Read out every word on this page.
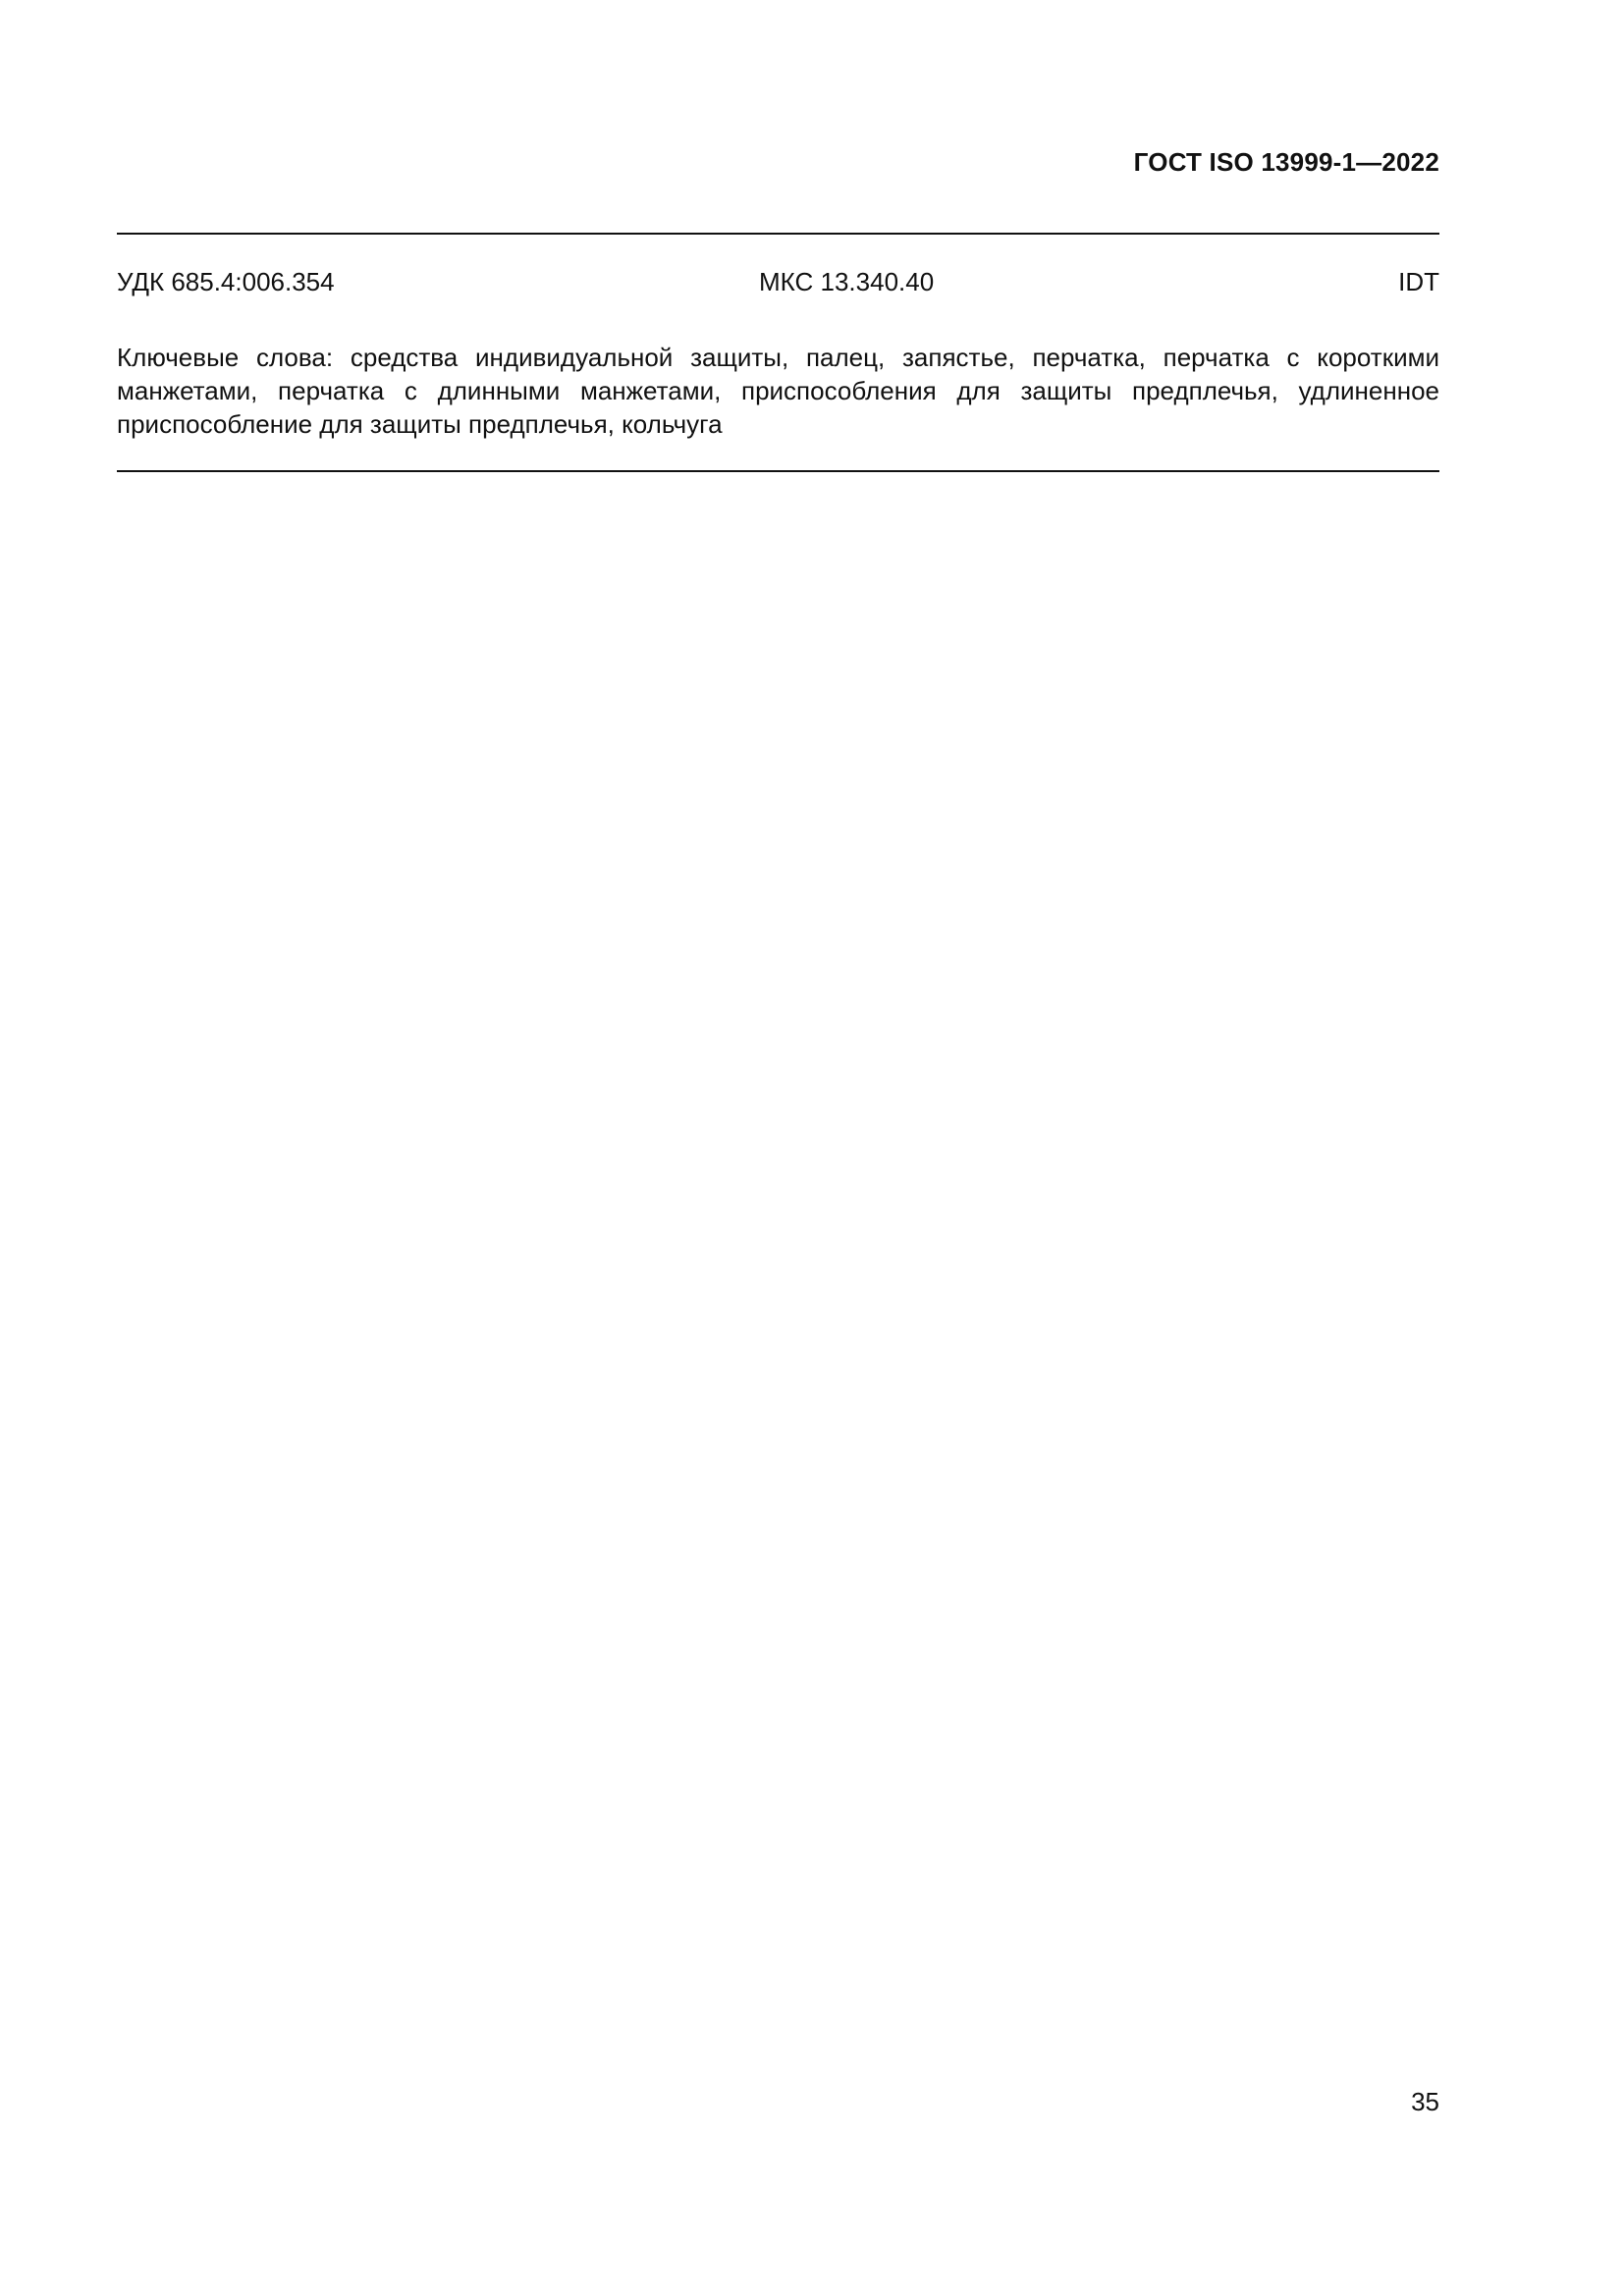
ГОСТ ISO 13999-1—2022
УДК 685.4:006.354	МКС 13.340.40	IDT
Ключевые слова: средства индивидуальной защиты, палец, запястье, перчатка, перчатка с короткими манжетами, перчатка с длинными манжетами, приспособления для защиты предплечья, удлиненное приспособление для защиты предплечья, кольчуга
35
